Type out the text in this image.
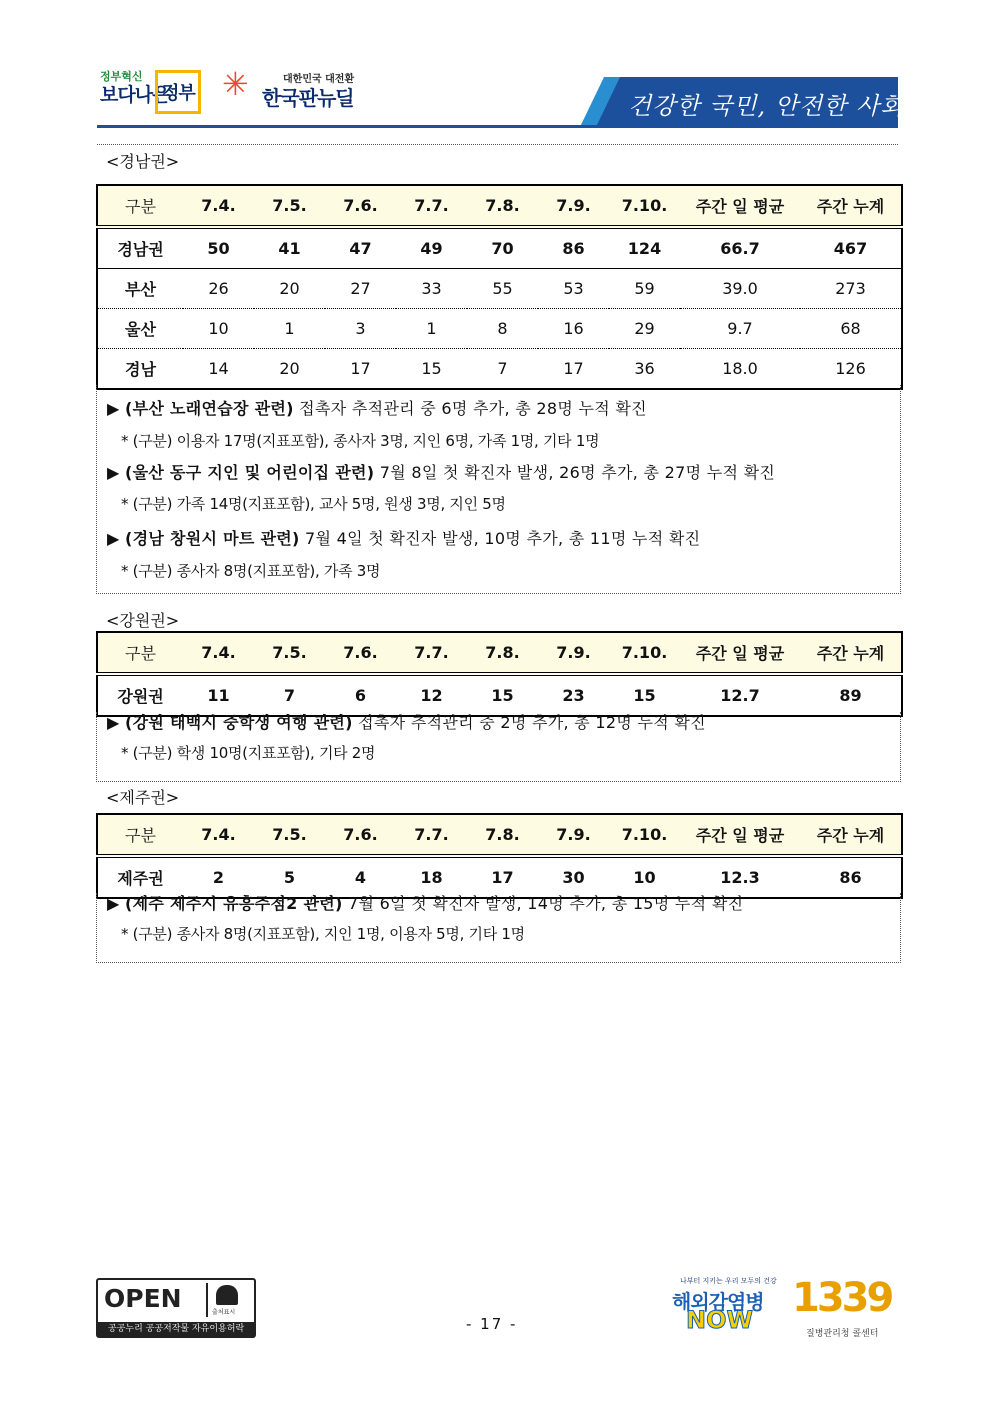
정부혁신
보다나은
정부 ✳	대한민국 대전환
한국판뉴딜	건강한 국민, 안전한 사회
<경남권>
구분	7.4.	7.5.	7.6.	7.7.	7.8.	7.9.	7.10.	주간 일 평균	주간 누계
경남권	50	41	47	49	70	86	124	66.7	467
부산	26	20	27	33	55	53	59	39.0	273
울산	10	1	3	1	8	16	29	9.7	68
경남	14	20	17	15	7	17	36	18.0	126
▶ (부산 노래연습장 관련) 접촉자 추적관리 중 6명 추가, 총 28명 누적 확진
* (구분) 이용자 17명(지표포함), 종사자 3명, 지인 6명, 가족 1명, 기타 1명
▶ (울산 동구 지인 및 어린이집 관련) 7월 8일 첫 확진자 발생, 26명 추가, 총 27명 누적 확진
* (구분) 가족 14명(지표포함), 교사 5명, 원생 3명, 지인 5명
▶ (경남 창원시 마트 관련) 7월 4일 첫 확진자 발생, 10명 추가, 총 11명 누적 확진
* (구분) 종사자 8명(지표포함), 가족 3명
<강원권>
구분	7.4.	7.5.	7.6.	7.7.	7.8.	7.9.	7.10.	주간 일 평균	주간 누계
강원권	11	7	6	12	15	23	15	12.7	89
▶ (강원 태백시 중학생 여행 관련) 접촉자 추적관리 중 2명 추가, 총 12명 누적 확진
* (구분) 학생 10명(지표포함), 기타 2명
<제주권>
구분	7.4.	7.5.	7.6.	7.7.	7.8.	7.9.	7.10.	주간 일 평균	주간 누계
제주권	2	5	4	18	17	30	10	12.3	86
▶ (제주 제주시 유흥주점2 관련) 7월 6일 첫 확진자 발생, 14명 추가, 총 15명 누적 확진
* (구분) 종사자 8명(지표포함), 지인 1명, 이용자 5명, 기타 1명
OPEN	출처표시
공공누리 공공저작물 자유이용허락	- 17 -
나부터 지키는 우리 모두의 건강
해외감염병
NOW 1339
질병관리청 콜센터
